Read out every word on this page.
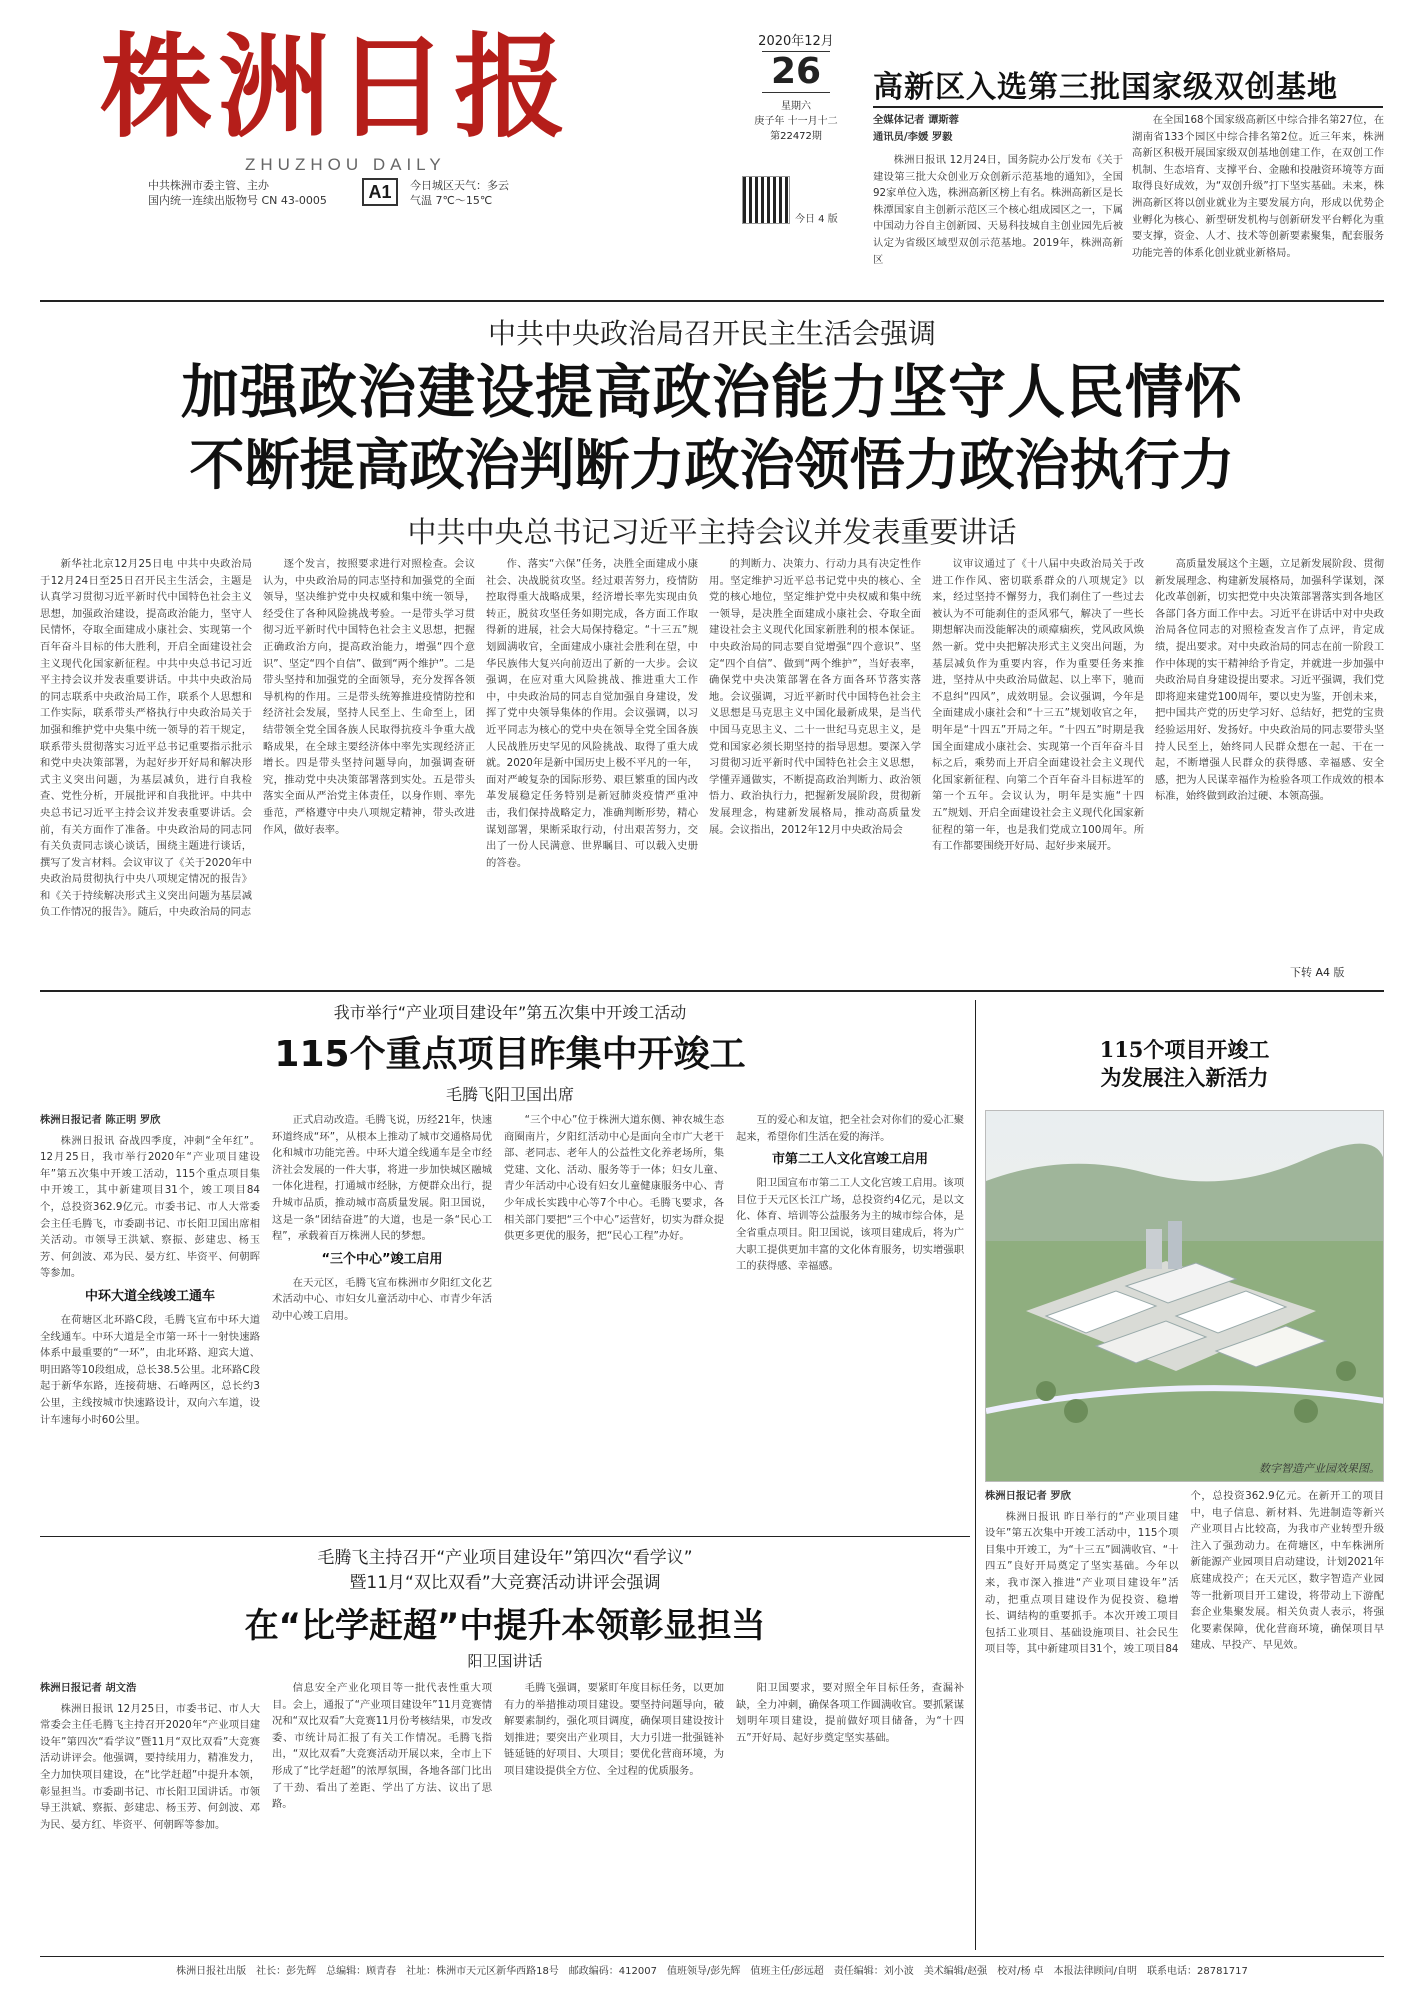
株洲日报
ZHUZHOU DAILY
中共株洲市委主管、主办
国内统一连续出版物号 CN 43-0005	A1	今日城区天气：多云
气温 7℃～15℃
2020年12月
26
星期六
庚子年 十一月十二
第22472期
今日 4 版
高新区入选第三批国家级双创基地
全媒体记者 谭斯蓉
通讯员/李媛 罗毅

株洲日报讯 12月24日，国务院办公厅发布《关于建设第三批大众创业万众创新示范基地的通知》，全国92家单位入选，株洲高新区榜上有名。株洲高新区是长株潭国家自主创新示范区三个核心组成园区之一，下属中国动力谷自主创新园、天易科技城自主创业园先后被认定为省级区域型双创示范基地。2019年，株洲高新区

在全国168个国家级高新区中综合排名第27位，在湖南省133个园区中综合排名第2位。近三年来，株洲高新区积极开展国家级双创基地创建工作，在双创工作机制、生态培育、支撑平台、金融和投融资环境等方面取得良好成效，为“双创升级”打下坚实基础。未来，株洲高新区将以创业就业为主要发展方向，形成以优势企业孵化为核心、新型研发机构与创新研发平台孵化为重要支撑，资金、人才、技术等创新要素聚集，配套服务功能完善的体系化创业就业新格局。

中共中央政治局召开民主生活会强调
加强政治建设提高政治能力坚守人民情怀
不断提高政治判断力政治领悟力政治执行力
中共中央总书记习近平主持会议并发表重要讲话

新华社北京12月25日电 中共中央政治局于12月24日至25日召开民主生活会，主题是认真学习贯彻习近平新时代中国特色社会主义思想，加强政治建设，提高政治能力，坚守人民情怀，夺取全面建成小康社会、实现第一个百年奋斗目标的伟大胜利，开启全面建设社会主义现代化国家新征程。中共中央总书记习近平主持会议并发表重要讲话。中共中央政治局的同志联系中央政治局工作，联系个人思想和工作实际，联系带头严格执行中央政治局关于加强和维护党中央集中统一领导的若干规定，联系带头贯彻落实习近平总书记重要指示批示和党中央决策部署，为起好步开好局和解决形式主义突出问题，为基层减负，进行自我检查、党性分析，开展批评和自我批评。中共中央总书记习近平主持会议并发表重要讲话。会前，有关方面作了准备。中央政治局的同志同有关负责同志谈心谈话，围绕主题进行谈话，撰写了发言材料。会议审议了《关于2020年中央政治局贯彻执行中央八项规定情况的报告》和《关于持续解决形式主义突出问题为基层减负工作情况的报告》。随后，中央政治局的同志

逐个发言，按照要求进行对照检查。会议认为，中央政治局的同志坚持和加强党的全面领导，坚决维护党中央权威和集中统一领导，经受住了各种风险挑战考验。一是带头学习贯彻习近平新时代中国特色社会主义思想，把握正确政治方向，提高政治能力，增强“四个意识”、坚定“四个自信”、做到“两个维护”。二是带头坚持和加强党的全面领导，充分发挥各领导机构的作用。三是带头统筹推进疫情防控和经济社会发展，坚持人民至上、生命至上，团结带领全党全国各族人民取得抗疫斗争重大战略成果，在全球主要经济体中率先实现经济正增长。四是带头坚持问题导向，加强调查研究，推动党中央决策部署落到实处。五是带头落实全面从严治党主体责任，以身作则、率先垂范，严格遵守中央八项规定精神，带头改进作风，做好表率。

作、落实“六保”任务，决胜全面建成小康社会、决战脱贫攻坚。经过艰苦努力，疫情防控取得重大战略成果，经济增长率先实现由负转正，脱贫攻坚任务如期完成，各方面工作取得新的进展，社会大局保持稳定。“十三五”规划圆满收官，全面建成小康社会胜利在望，中华民族伟大复兴向前迈出了新的一大步。会议强调，在应对重大风险挑战、推进重大工作中，中央政治局的同志自觉加强自身建设，发挥了党中央领导集体的作用。会议强调，以习近平同志为核心的党中央在领导全党全国各族人民战胜历史罕见的风险挑战、取得了重大成就。2020年是新中国历史上极不平凡的一年，面对严峻复杂的国际形势、艰巨繁重的国内改革发展稳定任务特别是新冠肺炎疫情严重冲击，我们保持战略定力，准确判断形势，精心谋划部署，果断采取行动，付出艰苦努力，交出了一份人民满意、世界瞩目、可以载入史册的答卷。

的判断力、决策力、行动力具有决定性作用。坚定维护习近平总书记党中央的核心、全党的核心地位，坚定维护党中央权威和集中统一领导，是决胜全面建成小康社会、夺取全面建设社会主义现代化国家新胜利的根本保证。中央政治局的同志要自觉增强“四个意识”、坚定“四个自信”、做到“两个维护”，当好表率，确保党中央决策部署在各方面各环节落实落地。会议强调，习近平新时代中国特色社会主义思想是马克思主义中国化最新成果，是当代中国马克思主义、二十一世纪马克思主义，是党和国家必须长期坚持的指导思想。要深入学习贯彻习近平新时代中国特色社会主义思想，学懂弄通做实，不断提高政治判断力、政治领悟力、政治执行力，把握新发展阶段，贯彻新发展理念，构建新发展格局，推动高质量发展。会议指出，2012年12月中央政治局会

议审议通过了《十八届中央政治局关于改进工作作风、密切联系群众的八项规定》以来，经过坚持不懈努力，我们刹住了一些过去被认为不可能刹住的歪风邪气，解决了一些长期想解决而没能解决的顽瘴痼疾，党风政风焕然一新。党中央把解决形式主义突出问题，为基层减负作为重要内容，作为重要任务来推进，坚持从中央政治局做起、以上率下，驰而不息纠“四风”，成效明显。会议强调，今年是全面建成小康社会和“十三五”规划收官之年，明年是“十四五”开局之年。“十四五”时期是我国全面建成小康社会、实现第一个百年奋斗目标之后，乘势而上开启全面建设社会主义现代化国家新征程、向第二个百年奋斗目标进军的第一个五年。会议认为，明年是实施“十四五”规划、开启全面建设社会主义现代化国家新征程的第一年，也是我们党成立100周年。所有工作都要围绕开好局、起好步来展开。

高质量发展这个主题，立足新发展阶段、贯彻新发展理念、构建新发展格局，加强科学谋划，深化改革创新，切实把党中央决策部署落实到各地区各部门各方面工作中去。习近平在讲话中对中央政治局各位同志的对照检查发言作了点评，肯定成绩，提出要求。对中央政治局的同志在前一阶段工作中体现的实干精神给予肯定，并就进一步加强中央政治局自身建设提出要求。习近平强调，我们党即将迎来建党100周年，要以史为鉴，开创未来，把中国共产党的历史学习好、总结好，把党的宝贵经验运用好、发扬好。中央政治局的同志要带头坚持人民至上，始终同人民群众想在一起、干在一起，不断增强人民群众的获得感、幸福感、安全感，把为人民谋幸福作为检验各项工作成效的根本标准，始终做到政治过硬、本领高强。

下转 A4 版
我市举行“产业项目建设年”第五次集中开竣工活动
115个重点项目昨集中开竣工
毛腾飞阳卫国出席
株洲日报记者 陈正明 罗欣

株洲日报讯 奋战四季度，冲刺“全年红”。12月25日，我市举行2020年“产业项目建设年”第五次集中开竣工活动，115个重点项目集中开竣工，其中新建项目31个，竣工项目84个，总投资362.9亿元。市委书记、市人大常委会主任毛腾飞，市委副书记、市长阳卫国出席相关活动。市领导王洪斌、察振、彭建忠、杨玉芳、何剑波、邓为民、晏方红、毕资平、何朝晖等参加。

中环大道全线竣工通车

在荷塘区北环路C段，毛腾飞宣布中环大道全线通车。中环大道是全市第一环十一射快速路体系中最重要的“一环”，由北环路、迎宾大道、明田路等10段组成，总长38.5公里。北环路C段起于新华东路，连接荷塘、石峰两区，总长约3公里，主线按城市快速路设计，双向六车道，设计车速每小时60公里。

正式启动改造。毛腾飞说，历经21年，快速环道终成“环”，从根本上推动了城市交通格局优化和城市功能完善。中环大道全线通车是全市经济社会发展的一件大事，将进一步加快城区融城一体化进程，打通城市经脉，方便群众出行，提升城市品质，推动城市高质量发展。阳卫国说，这是一条“团结奋进”的大道，也是一条“民心工程”，承载着百万株洲人民的梦想。

“三个中心”竣工启用

在天元区，毛腾飞宣布株洲市夕阳红文化艺术活动中心、市妇女儿童活动中心、市青少年活动中心竣工启用。

“三个中心”位于株洲大道东侧、神农城生态商圈南片，夕阳红活动中心是面向全市广大老干部、老同志、老年人的公益性文化养老场所，集党建、文化、活动、服务等于一体；妇女儿童、青少年活动中心设有妇女儿童健康服务中心、青少年成长实践中心等7个中心。毛腾飞要求，各相关部门要把“三个中心”运营好，切实为群众提供更多更优的服务，把“民心工程”办好。

互的爱心和友谊，把全社会对你们的爱心汇聚起来，希望你们生活在爱的海洋。

市第二工人文化宫竣工启用

阳卫国宣布市第二工人文化宫竣工启用。该项目位于天元区长江广场，总投资约4亿元，是以文化、体育、培训等公益服务为主的城市综合体，是全省重点项目。阳卫国说，该项目建成后，将为广大职工提供更加丰富的文化体育服务，切实增强职工的获得感、幸福感。

115个项目开竣工
为发展注入新活力
数字智造产业园效果图。
株洲日报记者 罗欣

株洲日报讯 昨日举行的“产业项目建设年”第五次集中开竣工活动中，115个项目集中开竣工，为“十三五”圆满收官、“十四五”良好开局奠定了坚实基础。今年以来，我市深入推进“产业项目建设年”活动，把重点项目建设作为促投资、稳增长、调结构的重要抓手。本次开竣工项目包括工业项目、基础设施项目、社会民生项目等，其中新建项目31个，竣工项目84个，总投资362.9亿元。在新开工的项目中，电子信息、新材料、先进制造等新兴产业项目占比较高，为我市产业转型升级注入了强劲动力。在荷塘区，中车株洲所新能源产业园项目启动建设，计划2021年底建成投产；在天元区，数字智造产业园等一批新项目开工建设，将带动上下游配套企业集聚发展。相关负责人表示，将强化要素保障，优化营商环境，确保项目早建成、早投产、早见效。

毛腾飞主持召开“产业项目建设年”第四次“看学议”
暨11月“双比双看”大竞赛活动讲评会强调
在“比学赶超”中提升本领彰显担当
阳卫国讲话
株洲日报记者 胡文浩

株洲日报讯 12月25日，市委书记、市人大常委会主任毛腾飞主持召开2020年“产业项目建设年”第四次“看学议”暨11月“双比双看”大竞赛活动讲评会。他强调，要持续用力，精准发力，全力加快项目建设，在“比学赶超”中提升本领，彰显担当。市委副书记、市长阳卫国讲话。市领导王洪斌、察振、彭建忠、杨玉芳、何剑波、邓为民、晏方红、毕资平、何朝晖等参加。

信息安全产业化项目等一批代表性重大项目。会上，通报了“产业项目建设年”11月竞赛情况和“双比双看”大竞赛11月份考核结果，市发改委、市统计局汇报了有关工作情况。毛腾飞指出，“双比双看”大竞赛活动开展以来，全市上下形成了“比学赶超”的浓厚氛围，各地各部门比出了干劲、看出了差距、学出了方法、议出了思路。

毛腾飞强调，要紧盯年度目标任务，以更加有力的举措推动项目建设。要坚持问题导向，破解要素制约，强化项目调度，确保项目建设按计划推进；要突出产业项目，大力引进一批强链补链延链的好项目、大项目；要优化营商环境，为项目建设提供全方位、全过程的优质服务。

阳卫国要求，要对照全年目标任务，查漏补缺，全力冲刺，确保各项工作圆满收官。要抓紧谋划明年项目建设，提前做好项目储备，为“十四五”开好局、起好步奠定坚实基础。

株洲日报社出版　社长：彭先辉　总编辑：顾青春　社址：株洲市天元区新华西路18号　邮政编码：412007　值班领导/彭先辉　值班主任/彭远超　责任编辑：刘小波　美术编辑/赵强　校对/杨 卓　本报法律顾问/自明　联系电话：28781717
